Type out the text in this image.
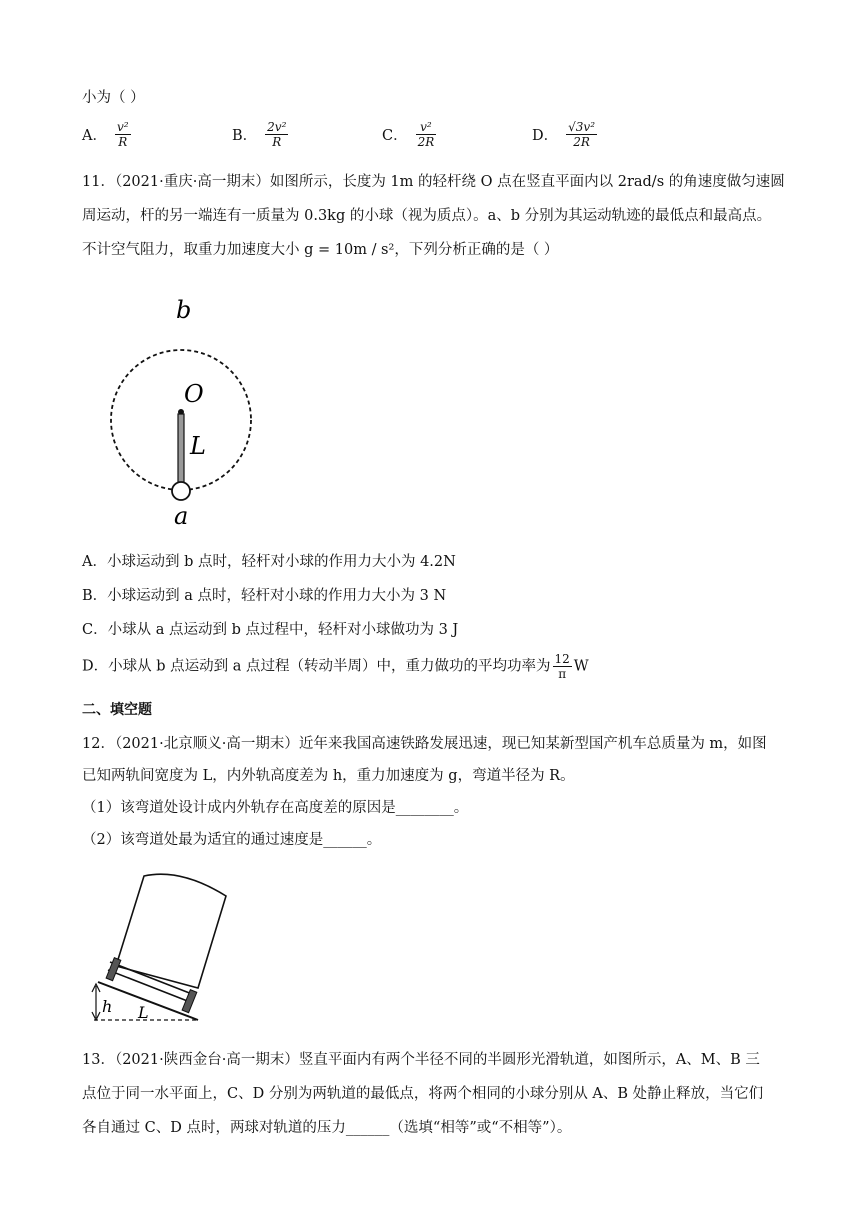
小为（ ）
A． $\frac{\text{v²}}{R}$	B． $\frac{\text{2v²}}{R}$	C． $\frac{\text{v²}}{2R}$	D． $\frac{\text{√3v²}}{2R}$
11．（2021·重庆·高一期末）如图所示，长度为 1m 的轻杆绕 O 点在竖直平面内以 2rad/s 的角速度做匀速圆
周运动，杆的另一端连有一质量为 0.3kg 的小球（视为质点）。a、b 分别为其运动轨迹的最低点和最高点。
不计空气阻力，取重力加速度大小 g = 10m / s²，下列分析正确的是（ ）
b
O
L
a
A．小球运动到 b 点时，轻杆对小球的作用力大小为 4.2N
B．小球运动到 a 点时，轻杆对小球的作用力大小为 3 N
C．小球从 a 点运动到 b 点过程中，轻杆对小球做功为 3 J
D．小球从 b 点运动到 a 点过程（转动半周）中，重力做功的平均功率为 $\frac{12}{\pi}$ W
二、填空题
12．（2021·北京顺义·高一期末）近年来我国高速铁路发展迅速，现已知某新型国产机车总质量为 m，如图
已知两轨间宽度为 L，内外轨高度差为 h，重力加速度为 g，弯道半径为 R。
（1）该弯道处设计成内外轨存在高度差的原因是________。
（2）该弯道处最为适宜的通过速度是______。
h L
13．（2021·陕西金台·高一期末）竖直平面内有两个半径不同的半圆形光滑轨道，如图所示，A、M、B 三
点位于同一水平面上，C、D 分别为两轨道的最低点，将两个相同的小球分别从 A、B 处静止释放，当它们
各自通过 C、D 点时，两球对轨道的压力______（选填“相等”或“不相等”）。
